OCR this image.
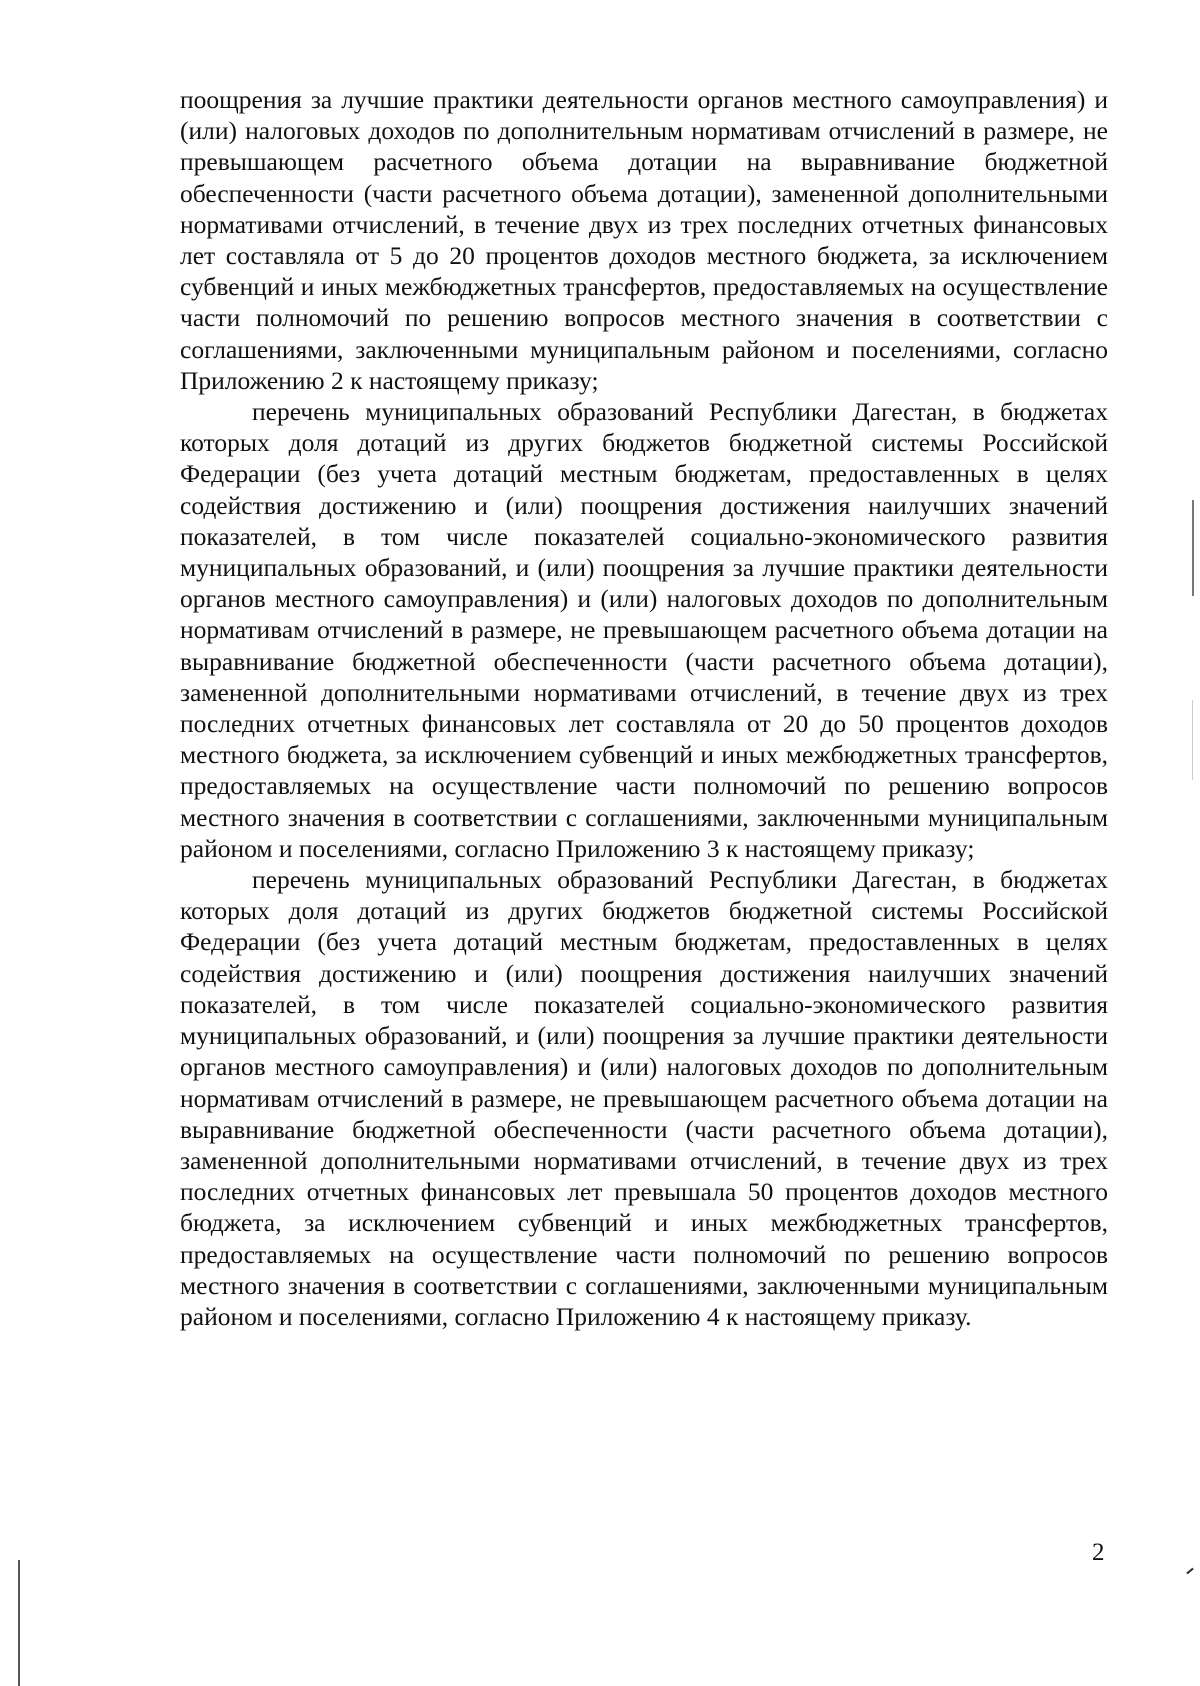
поощрения за лучшие практики деятельности органов местного самоуправления) и (или) налоговых доходов по дополнительным нормативам отчислений в размере, не превышающем расчетного объема дотации на выравнивание бюджетной обеспеченности (части расчетного объема дотации), замененной дополнительными нормативами отчислений, в течение двух из трех последних отчетных финансовых лет составляла от 5 до 20 процентов доходов местного бюджета, за исключением субвенций и иных межбюджетных трансфертов, предоставляемых на осуществление части полномочий по решению вопросов местного значения в соответствии с соглашениями, заключенными муниципальным районом и поселениями, согласно Приложению 2 к настоящему приказу;

перечень муниципальных образований Республики Дагестан, в бюджетах которых доля дотаций из других бюджетов бюджетной системы Российской Федерации (без учета дотаций местным бюджетам, предоставленных в целях содействия достижению и (или) поощрения достижения наилучших значений показателей, в том числе показателей социально-экономического развития муниципальных образований, и (или) поощрения за лучшие практики деятельности органов местного самоуправления) и (или) налоговых доходов по дополнительным нормативам отчислений в размере, не превышающем расчетного объема дотации на выравнивание бюджетной обеспеченности (части расчетного объема дотации), замененной дополнительными нормативами отчислений, в течение двух из трех последних отчетных финансовых лет составляла от 20 до 50 процентов доходов местного бюджета, за исключением субвенций и иных межбюджетных трансфертов, предоставляемых на осуществление части полномочий по решению вопросов местного значения в соответствии с соглашениями, заключенными муниципальным районом и поселениями, согласно Приложению 3 к настоящему приказу;

перечень муниципальных образований Республики Дагестан, в бюджетах которых доля дотаций из других бюджетов бюджетной системы Российской Федерации (без учета дотаций местным бюджетам, предоставленных в целях содействия достижению и (или) поощрения достижения наилучших значений показателей, в том числе показателей социально-экономического развития муниципальных образований, и (или) поощрения за лучшие практики деятельности органов местного самоуправления) и (или) налоговых доходов по дополнительным нормативам отчислений в размере, не превышающем расчетного объема дотации на выравнивание бюджетной обеспеченности (части расчетного объема дотации), замененной дополнительными нормативами отчислений, в течение двух из трех последних отчетных финансовых лет превышала 50 процентов доходов местного бюджета, за исключением субвенций и иных межбюджетных трансфертов, предоставляемых на осуществление части полномочий по решению вопросов местного значения в соответствии с соглашениями, заключенными муниципальным районом и поселениями, согласно Приложению 4 к настоящему приказу.

2
